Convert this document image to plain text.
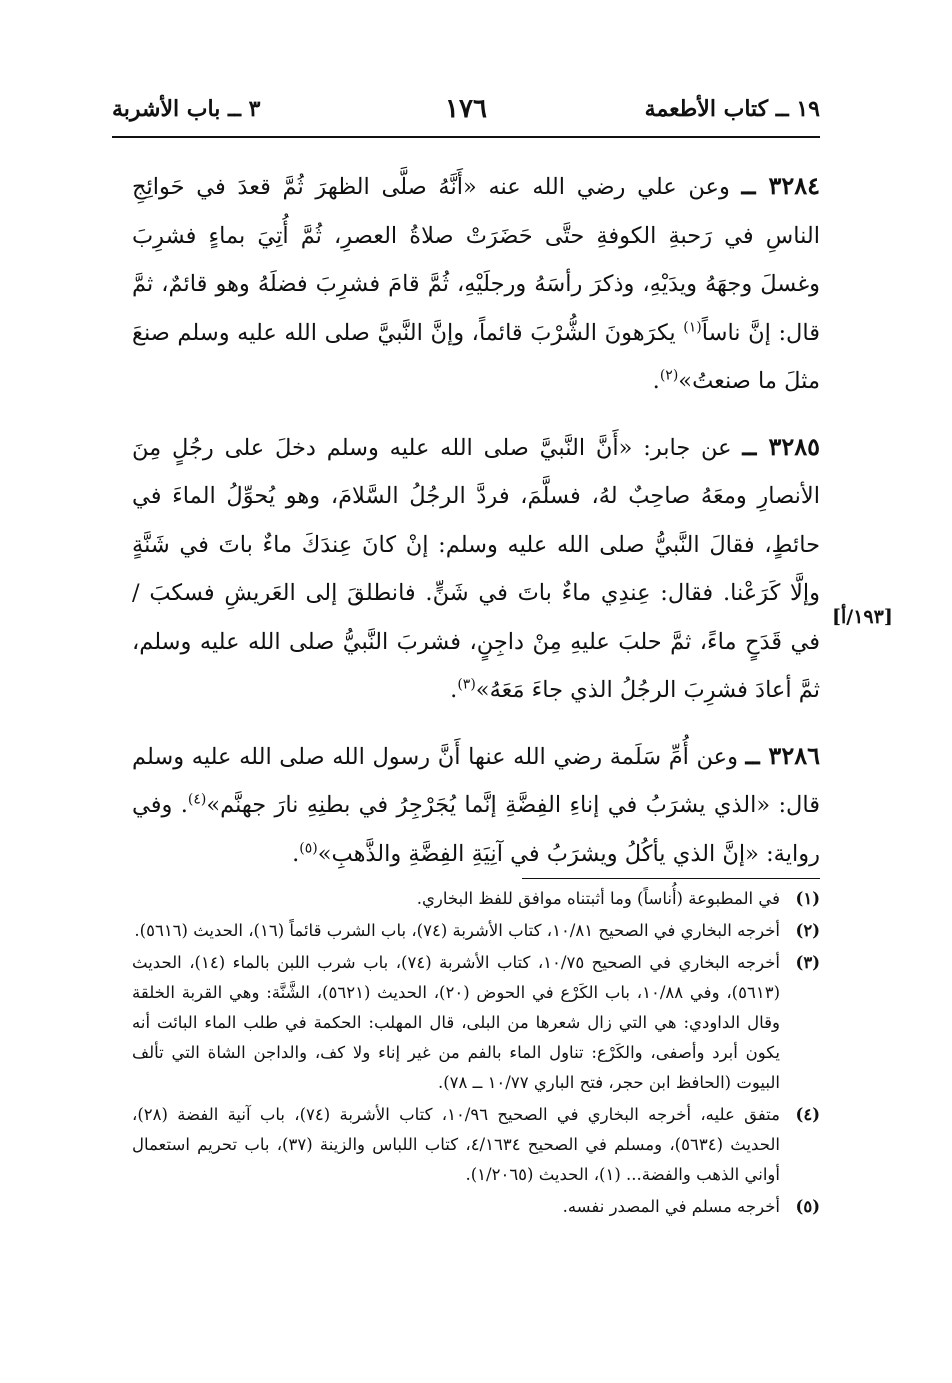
١٩ ــ كتاب الأطعمة
١٧٦
٣ ــ باب الأشربة

٣٢٨٤ ــ وعن علي رضي الله عنه «أَنَّهُ صلَّى الظهرَ ثُمَّ قعدَ في حَوائِجِ الناسِ في رَحبةِ الكوفةِ حتَّى حَضَرَتْ صلاةُ العصرِ، ثُمَّ أُتِيَ بماءٍ فشرِبَ وغسلَ وجهَهُ ويدَيْهِ، وذكرَ رأسَهُ ورجلَيْهِ، ثُمَّ قامَ فشرِبَ فضلَهُ وهو قائمٌ، ثمَّ قال: إنَّ ناساً$^{(١)}$ يكرَهونَ الشُّرْبَ قائماً، وإنَّ النَّبيَّ صلى الله عليه وسلم صنعَ مثلَ ما صنعتُ»$^{(٢)}$.

٣٢٨٥ ــ عن جابر: «أَنَّ النَّبيَّ صلى الله عليه وسلم دخلَ على رجُلٍ مِنَ الأنصارِ ومعَهُ صاحِبٌ لهُ، فسلَّمَ، فردَّ الرجُلُ السَّلامَ، وهو يُحوِّلُ الماءَ في حائطٍ، فقالَ النَّبيُّ صلى الله عليه وسلم: إنْ كانَ عِندَكَ ماءٌ باتَ في شَنَّةٍ وإلَّا كَرَعْنا. فقال: عِندِي ماءٌ باتَ في شَنٍّ. فانطلقَ إلى العَريشِ فسكبَ / في قَدَحٍ ماءً، ثمَّ حلبَ عليهِ مِنْ داجِنٍ، فشربَ النَّبيُّ صلى الله عليه وسلم، ثمَّ أعادَ فشرِبَ الرجُلُ الذي جاءَ مَعَهُ»$^{(٣)}$.

٣٢٨٦ ــ وعن أُمِّ سَلَمة رضي الله عنها أَنَّ رسول الله صلى الله عليه وسلم قال: «الذي يشرَبُ في إناءِ الفِضَّةِ إنَّما يُجَرْجِرُ في بطنِهِ نارَ جهنَّم»$^{(٤)}$. وفي رواية: «إنَّ الذي يأكُلُ ويشرَبُ في آنِيَةِ الفِضَّةِ والذَّهبِ»$^{(٥)}$.

[١٩٣/أ]
(١)
في المطبوعة (أُناساً) وما أثبتناه موافق للفظ البخاري.
(٢)
أخرجه البخاري في الصحيح ١٠/٨١، كتاب الأشربة (٧٤)، باب الشرب قائماً (١٦)، الحديث (٥٦١٦).
(٣)
أخرجه البخاري في الصحيح ١٠/٧٥، كتاب الأشربة (٧٤)، باب شرب اللبن بالماء (١٤)، الحديث (٥٦١٣)، وفي ١٠/٨٨، باب الكَرْع في الحوض (٢٠)، الحديث (٥٦٢١)، الشَّنَّة: وهي القربة الخلقة وقال الداودي: هي التي زال شعرها من البلى، قال المهلب: الحكمة في طلب الماء البائت أنه يكون أبرد وأصفى، والكَرْع: تناول الماء بالفم من غير إناء ولا كف، والداجن الشاة التي تألف البيوت (الحافظ ابن حجر، فتح الباري ١٠/٧٧ ــ ٧٨).
(٤)
متفق عليه، أخرجه البخاري في الصحيح ١٠/٩٦، كتاب الأشربة (٧٤)، باب آنية الفضة (٢٨)، الحديث (٥٦٣٤)، ومسلم في الصحيح ٤/١٦٣٤، كتاب اللباس والزينة (٣٧)، باب تحريم استعمال أواني الذهب والفضة... (١)، الحديث (١/٢٠٦٥).
(٥)
أخرجه مسلم في المصدر نفسه.
